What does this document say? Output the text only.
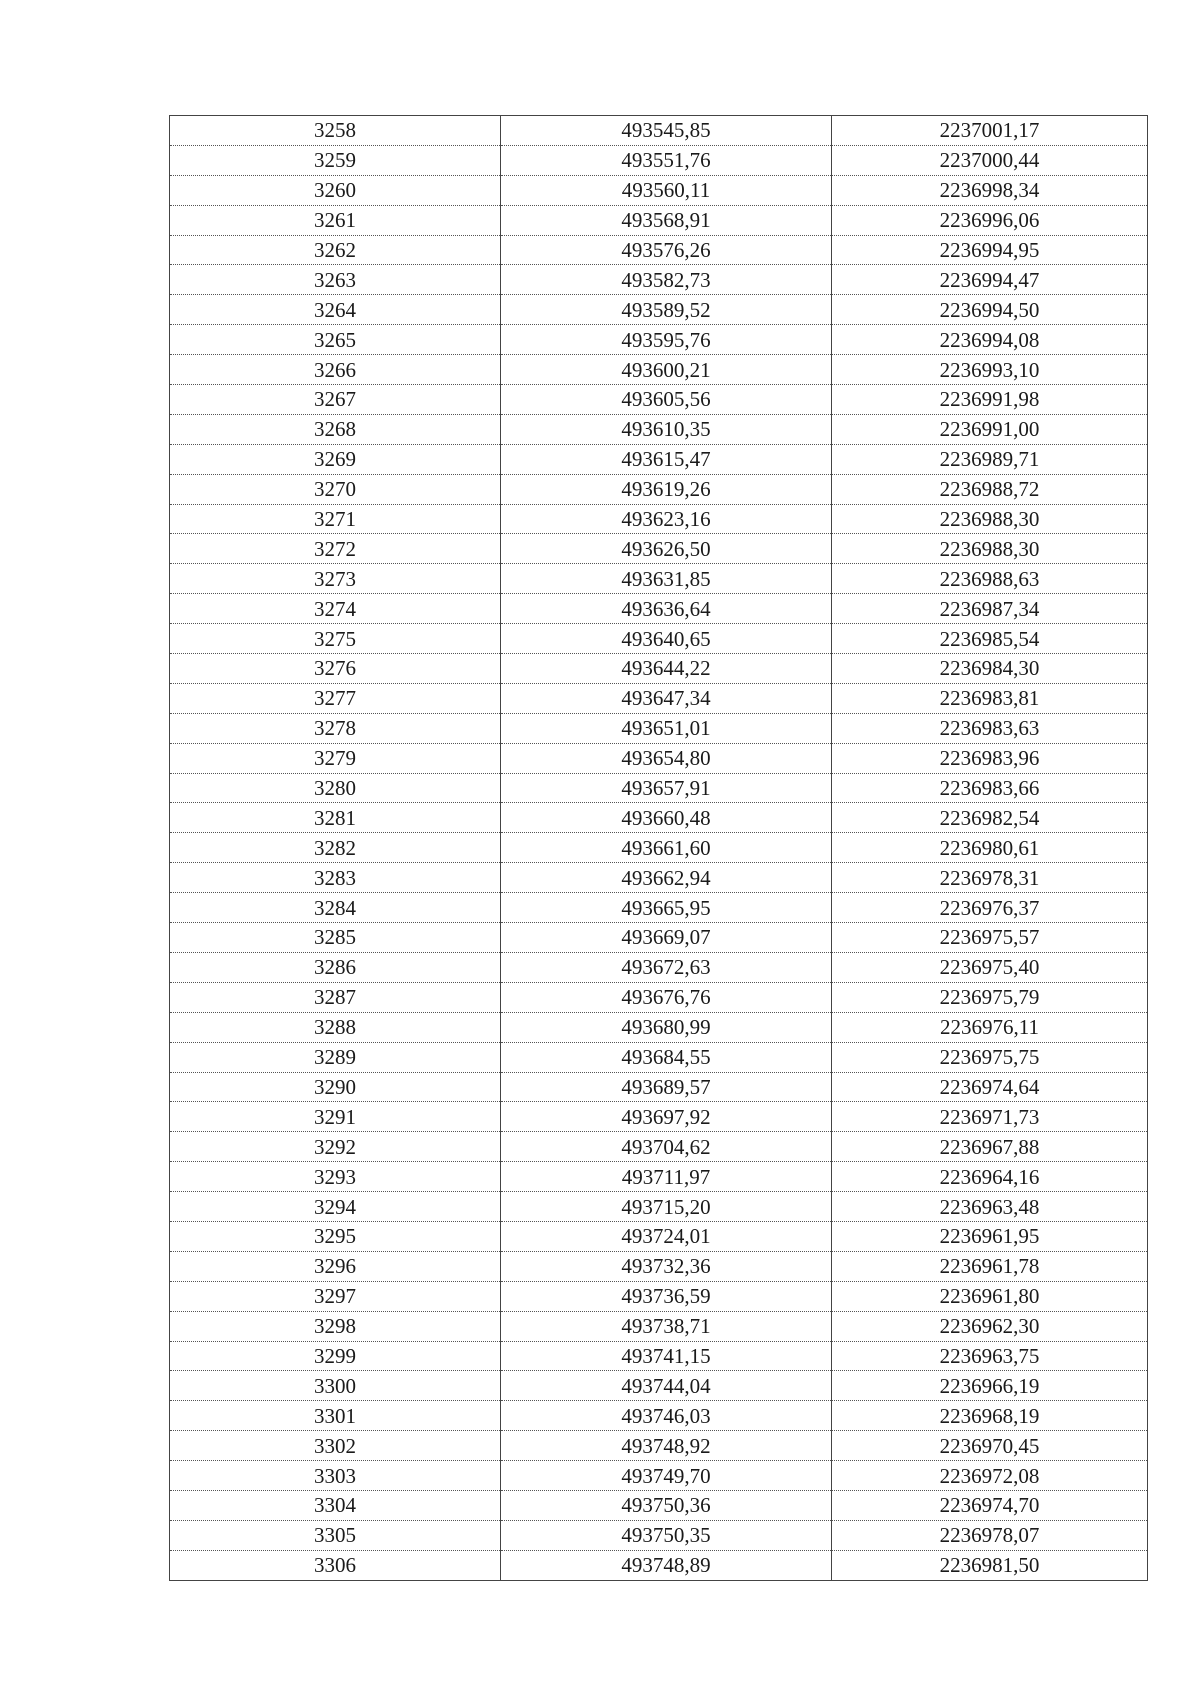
3258	493545,85	2237001,17
3259	493551,76	2237000,44
3260	493560,11	2236998,34
3261	493568,91	2236996,06
3262	493576,26	2236994,95
3263	493582,73	2236994,47
3264	493589,52	2236994,50
3265	493595,76	2236994,08
3266	493600,21	2236993,10
3267	493605,56	2236991,98
3268	493610,35	2236991,00
3269	493615,47	2236989,71
3270	493619,26	2236988,72
3271	493623,16	2236988,30
3272	493626,50	2236988,30
3273	493631,85	2236988,63
3274	493636,64	2236987,34
3275	493640,65	2236985,54
3276	493644,22	2236984,30
3277	493647,34	2236983,81
3278	493651,01	2236983,63
3279	493654,80	2236983,96
3280	493657,91	2236983,66
3281	493660,48	2236982,54
3282	493661,60	2236980,61
3283	493662,94	2236978,31
3284	493665,95	2236976,37
3285	493669,07	2236975,57
3286	493672,63	2236975,40
3287	493676,76	2236975,79
3288	493680,99	2236976,11
3289	493684,55	2236975,75
3290	493689,57	2236974,64
3291	493697,92	2236971,73
3292	493704,62	2236967,88
3293	493711,97	2236964,16
3294	493715,20	2236963,48
3295	493724,01	2236961,95
3296	493732,36	2236961,78
3297	493736,59	2236961,80
3298	493738,71	2236962,30
3299	493741,15	2236963,75
3300	493744,04	2236966,19
3301	493746,03	2236968,19
3302	493748,92	2236970,45
3303	493749,70	2236972,08
3304	493750,36	2236974,70
3305	493750,35	2236978,07
3306	493748,89	2236981,50
